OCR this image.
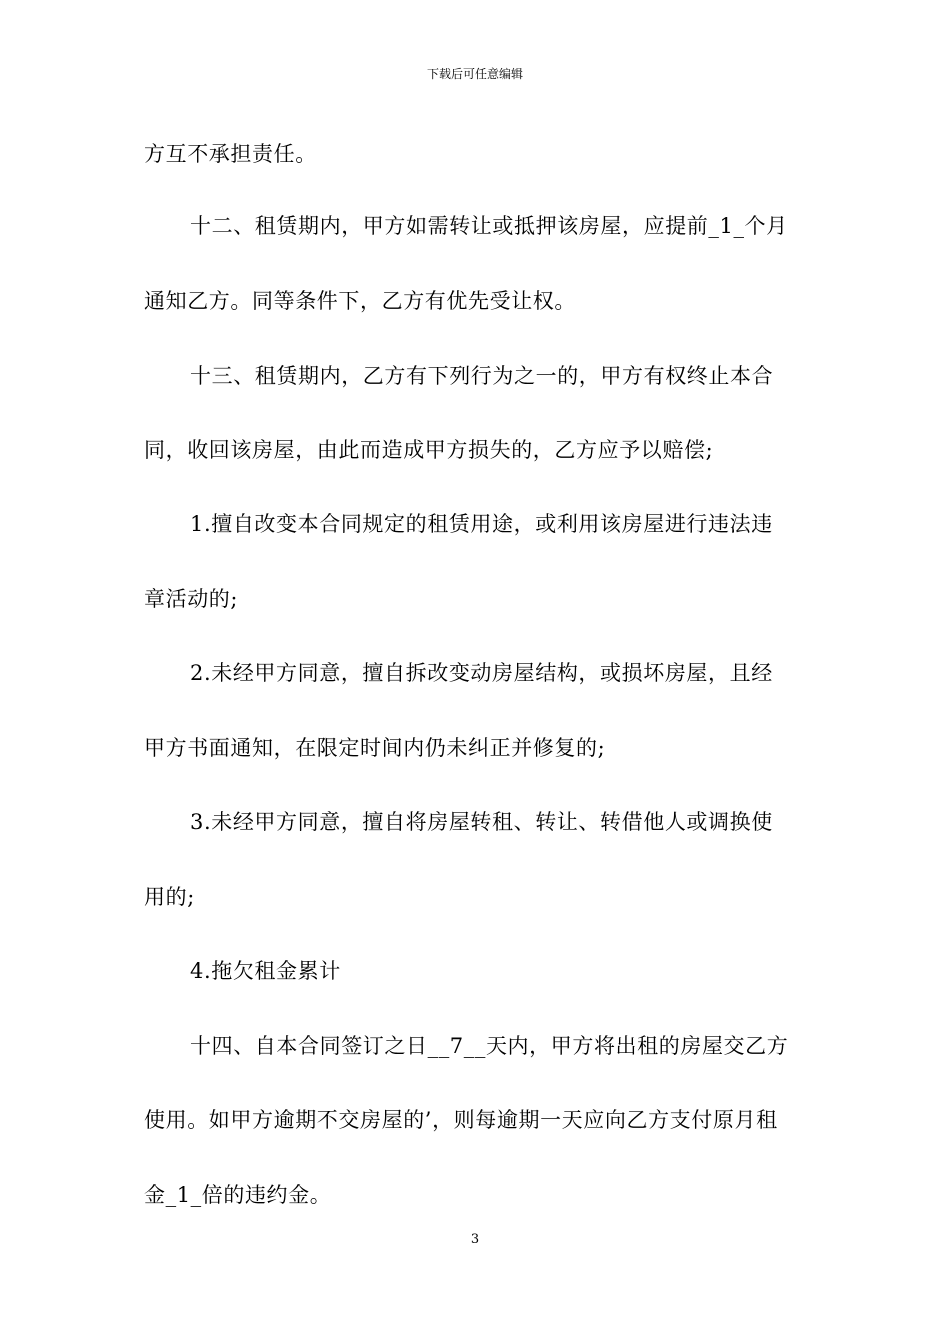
下载后可任意编辑
方互不承担责任。
十二、租赁期内，甲方如需转让或抵押该房屋，应提前_1_个月
通知乙方。同等条件下，乙方有优先受让权。
十三、租赁期内，乙方有下列行为之一的，甲方有权终止本合
同，收回该房屋，由此而造成甲方损失的，乙方应予以赔偿;
1.擅自改变本合同规定的租赁用途，或利用该房屋进行违法违
章活动的;
2.未经甲方同意，擅自拆改变动房屋结构，或损坏房屋，且经
甲方书面通知，在限定时间内仍未纠正并修复的;
3.未经甲方同意，擅自将房屋转租、转让、转借他人或调换使
用的;
4.拖欠租金累计
十四、自本合同签订之日__7__天内，甲方将出租的房屋交乙方
使用。如甲方逾期不交房屋的’，则每逾期一天应向乙方支付原月租
金_1_倍的违约金。
3
